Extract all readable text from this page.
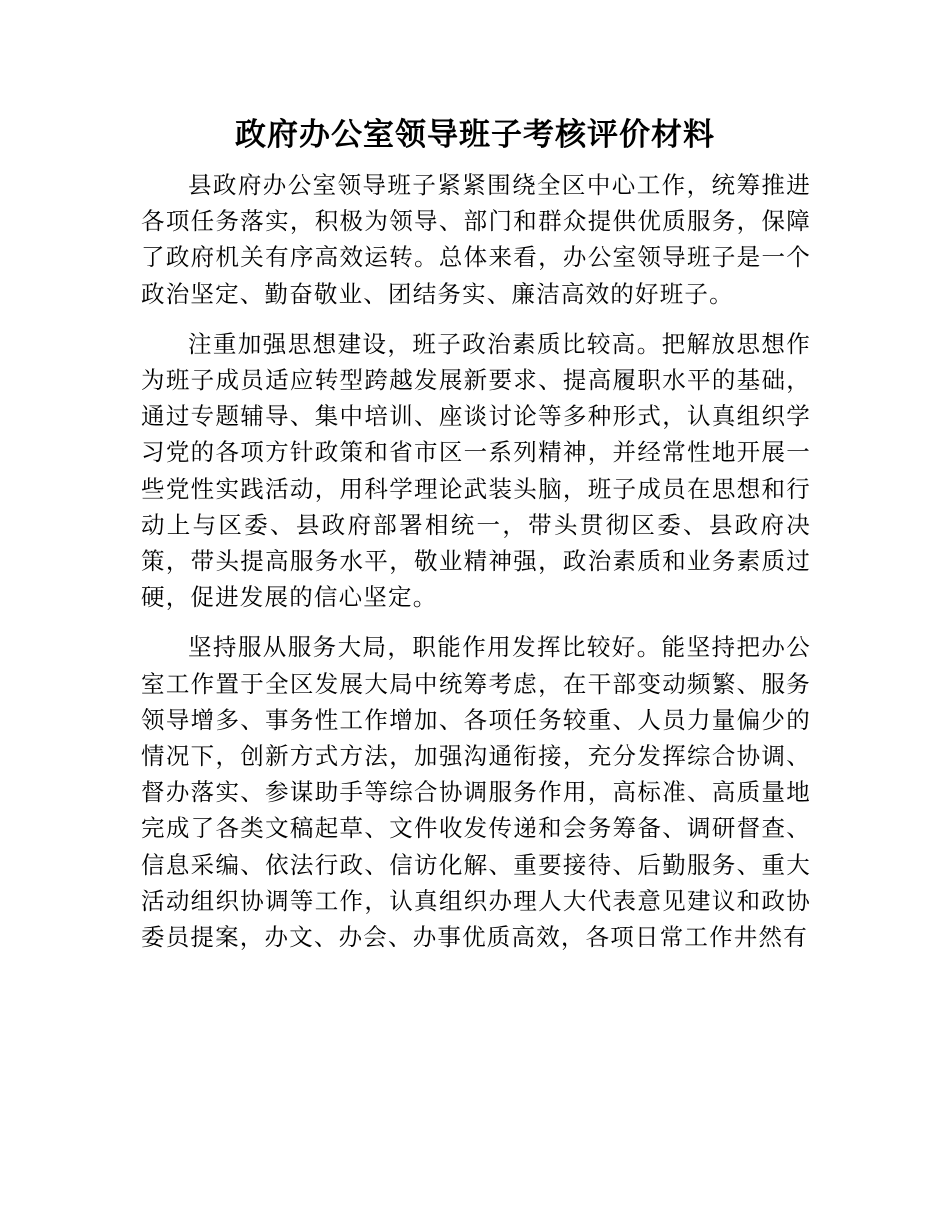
政府办公室领导班子考核评价材料

县政府办公室领导班子紧紧围绕全区中心工作，统筹推进各项任务落实，积极为领导、部门和群众提供优质服务，保障了政府机关有序高效运转。总体来看，办公室领导班子是一个政治坚定、勤奋敬业、团结务实、廉洁高效的好班子。

注重加强思想建设，班子政治素质比较高。把解放思想作为班子成员适应转型跨越发展新要求、提高履职水平的基础，通过专题辅导、集中培训、座谈讨论等多种形式，认真组织学习党的各项方针政策和省市区一系列精神，并经常性地开展一些党性实践活动，用科学理论武装头脑，班子成员在思想和行动上与区委、县政府部署相统一，带头贯彻区委、县政府决策，带头提高服务水平，敬业精神强，政治素质和业务素质过硬，促进发展的信心坚定。

坚持服从服务大局，职能作用发挥比较好。能坚持把办公室工作置于全区发展大局中统筹考虑，在干部变动频繁、服务领导增多、事务性工作增加、各项任务较重、人员力量偏少的情况下，创新方式方法，加强沟通衔接，充分发挥综合协调、督办落实、参谋助手等综合协调服务作用，高标准、高质量地完成了各类文稿起草、文件收发传递和会务筹备、调研督查、信息采编、依法行政、信访化解、重要接待、后勤服务、重大活动组织协调等工作，认真组织办理人大代表意见建议和政协委员提案，办文、办会、办事优质高效，各项日常工作井然有
